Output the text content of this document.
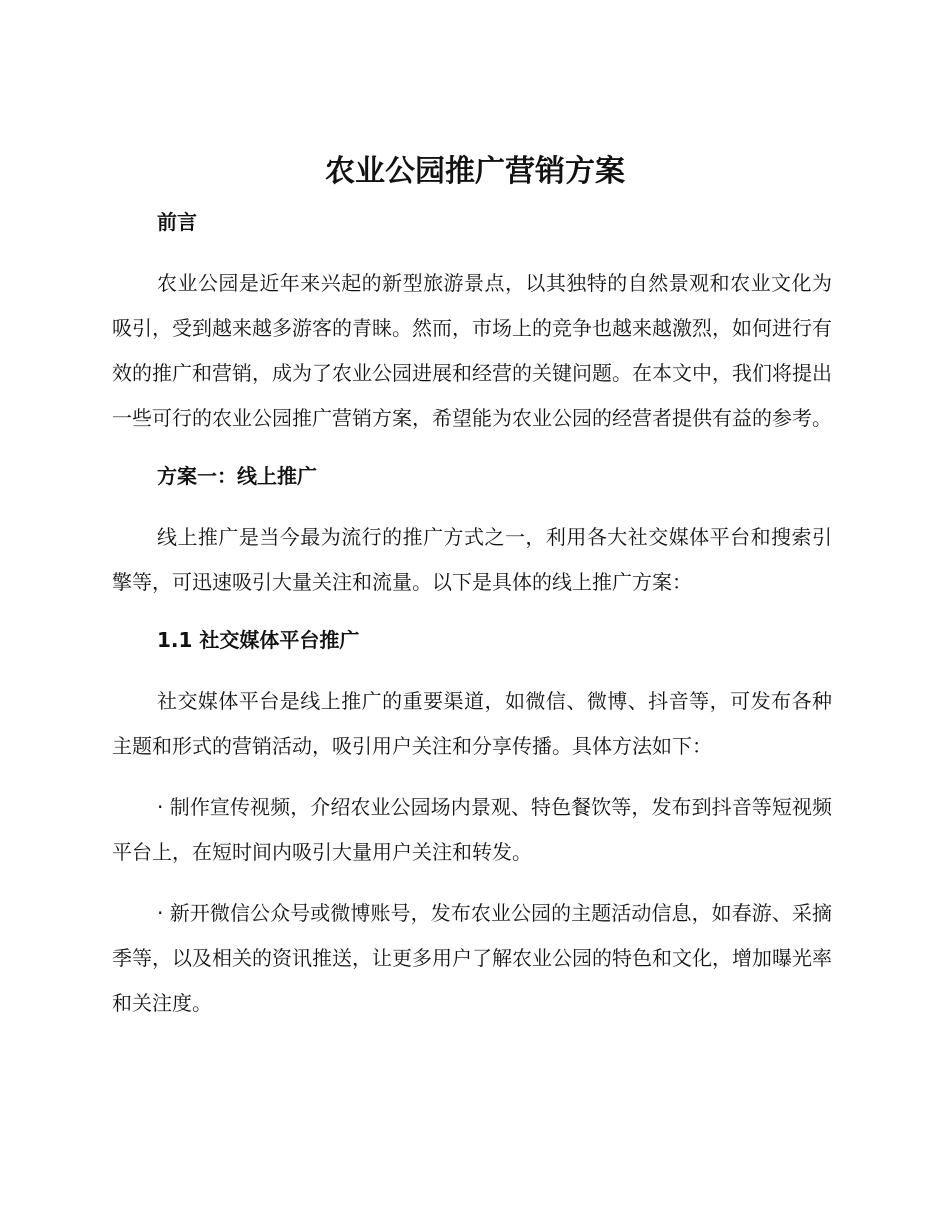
农业公园推广营销方案

前言

农业公园是近年来兴起的新型旅游景点，以其独特的自然景观和农业文化为吸引，受到越来越多游客的青睐。然而，市场上的竞争也越来越激烈，如何进行有效的推广和营销，成为了农业公园进展和经营的关键问题。在本文中，我们将提出一些可行的农业公园推广营销方案，希望能为农业公园的经营者提供有益的参考。

方案一：线上推广

线上推广是当今最为流行的推广方式之一，利用各大社交媒体平台和搜索引擎等，可迅速吸引大量关注和流量。以下是具体的线上推广方案：

1.1 社交媒体平台推广

社交媒体平台是线上推广的重要渠道，如微信、微博、抖音等，可发布各种主题和形式的营销活动，吸引用户关注和分享传播。具体方法如下：

· 制作宣传视频，介绍农业公园场内景观、特色餐饮等，发布到抖音等短视频平台上，在短时间内吸引大量用户关注和转发。

· 新开微信公众号或微博账号，发布农业公园的主题活动信息，如春游、采摘季等，以及相关的资讯推送，让更多用户了解农业公园的特色和文化，增加曝光率和关注度。
